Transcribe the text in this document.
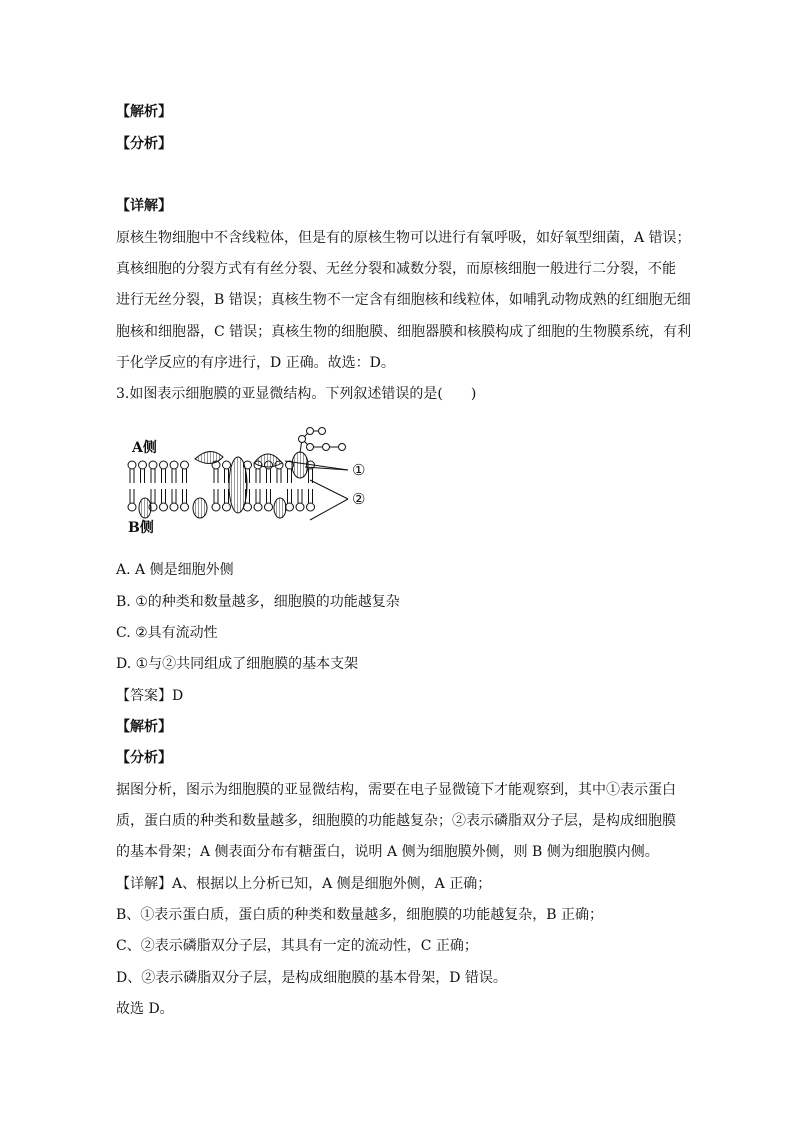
【解析】
【分析】
【详解】
原核生物细胞中不含线粒体，但是有的原核生物可以进行有氧呼吸，如好氧型细菌，A 错误；
真核细胞的分裂方式有有丝分裂、无丝分裂和减数分裂，而原核细胞一般进行二分裂，不能
进行无丝分裂，B 错误；真核生物不一定含有细胞核和线粒体，如哺乳动物成熟的红细胞无细
胞核和细胞器，C 错误；真核生物的细胞膜、细胞器膜和核膜构成了细胞的生物膜系统，有利
于化学反应的有序进行，D 正确。故选：D。
3.如图表示细胞膜的亚显微结构。下列叙述错误的是(　　)
A侧
B侧
①
②
A. A 侧是细胞外侧
B. ①的种类和数量越多，细胞膜的功能越复杂
C. ②具有流动性
D. ①与②共同组成了细胞膜的基本支架
【答案】D
【解析】
【分析】
据图分析，图示为细胞膜的亚显微结构，需要在电子显微镜下才能观察到，其中①表示蛋白
质，蛋白质的种类和数量越多，细胞膜的功能越复杂；②表示磷脂双分子层，是构成细胞膜
的基本骨架；A 侧表面分布有糖蛋白，说明 A 侧为细胞膜外侧，则 B 侧为细胞膜内侧。
【详解】A、根据以上分析已知，A 侧是细胞外侧，A 正确；
B、①表示蛋白质，蛋白质的种类和数量越多，细胞膜的功能越复杂，B 正确；
C、②表示磷脂双分子层，其具有一定的流动性，C 正确；
D、②表示磷脂双分子层，是构成细胞膜的基本骨架，D 错误。
故选 D。
